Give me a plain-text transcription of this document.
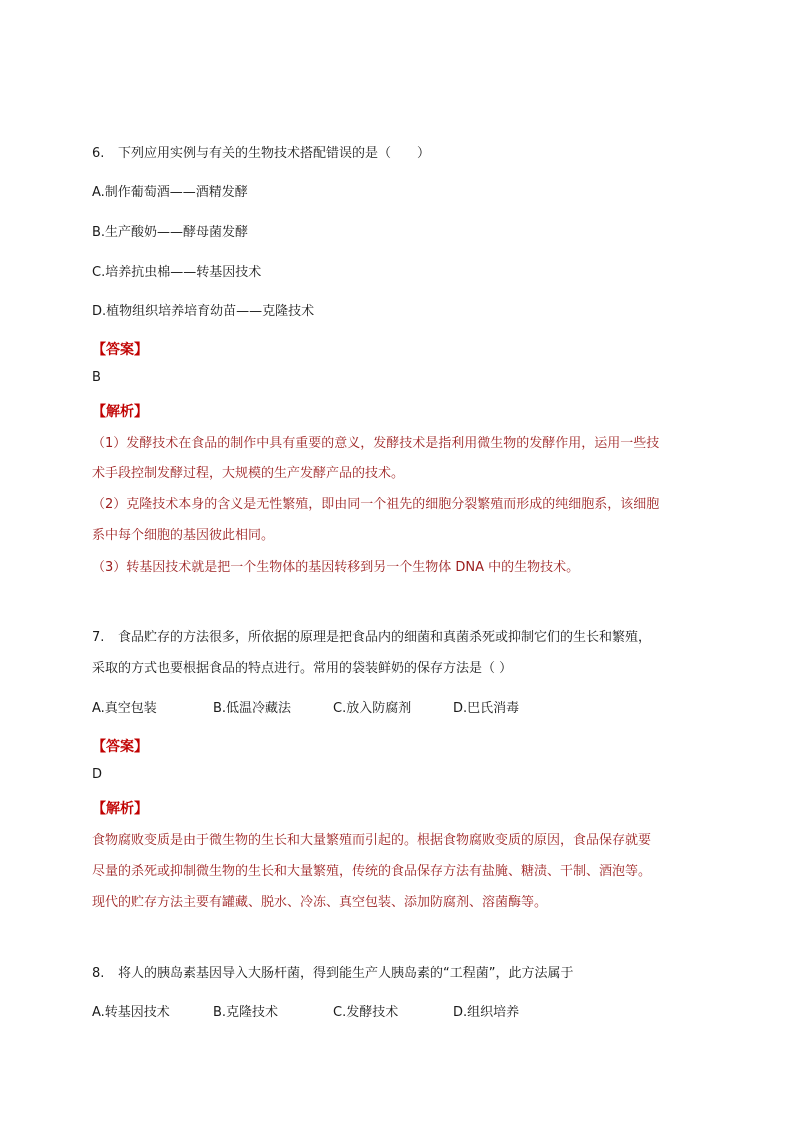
6. 下列应用实例与有关的生物技术搭配错误的是（　　）
A.制作葡萄酒——酒精发酵
B.生产酸奶——酵母菌发酵
C.培养抗虫棉——转基因技术
D.植物组织培养培育幼苗——克隆技术
【答案】
B
【解析】
（1）发酵技术在食品的制作中具有重要的意义，发酵技术是指利用微生物的发酵作用，运用一些技
术手段控制发酵过程，大规模的生产发酵产品的技术。
（2）克隆技术本身的含义是无性繁殖，即由同一个祖先的细胞分裂繁殖而形成的纯细胞系，该细胞
系中每个细胞的基因彼此相同。
（3）转基因技术就是把一个生物体的基因转移到另一个生物体 DNA 中的生物技术。
7. 食品贮存的方法很多，所依据的原理是把食品内的细菌和真菌杀死或抑制它们的生长和繁殖，
采取的方式也要根据食品的特点进行。常用的袋装鲜奶的保存方法是（ ）
A.真空包装	B.低温冷藏法	C.放入防腐剂	D.巴氏消毒
【答案】
D
【解析】
食物腐败变质是由于微生物的生长和大量繁殖而引起的。根据食物腐败变质的原因，食品保存就要
尽量的杀死或抑制微生物的生长和大量繁殖，传统的食品保存方法有盐腌、糖渍、干制、酒泡等。
现代的贮存方法主要有罐藏、脱水、冷冻、真空包装、添加防腐剂、溶菌酶等。
8. 将人的胰岛素基因导入大肠杆菌，得到能生产人胰岛素的“工程菌”，此方法属于
A.转基因技术	B.克隆技术	C.发酵技术	D.组织培养
